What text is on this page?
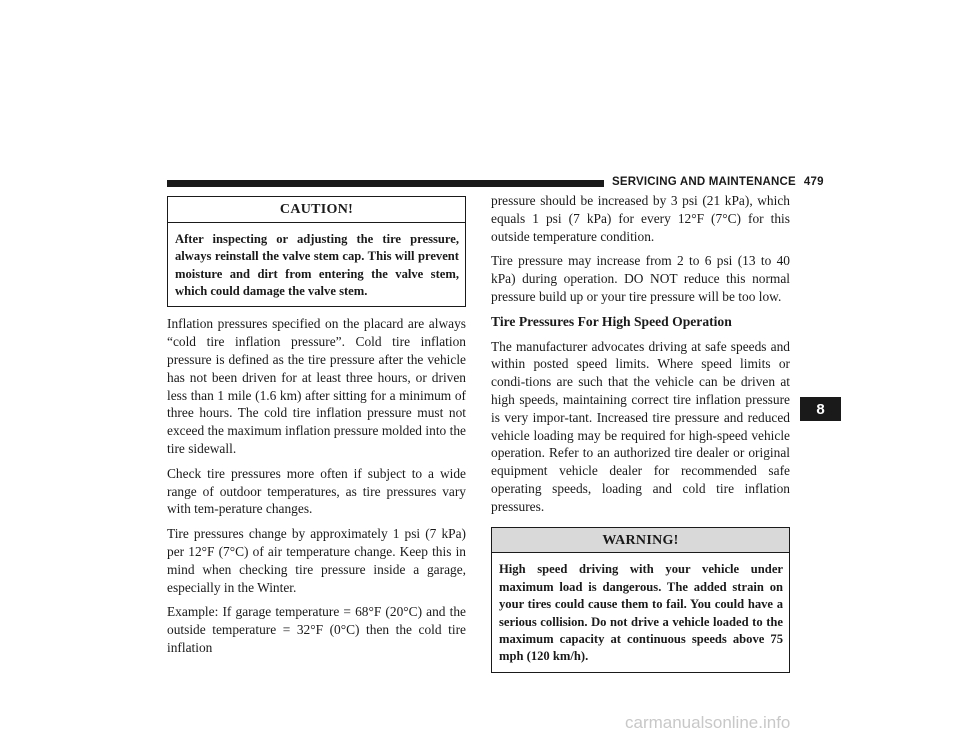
SERVICING AND MAINTENANCE 479
CAUTION!
After inspecting or adjusting the tire pressure, always reinstall the valve stem cap. This will prevent moisture and dirt from entering the valve stem, which could damage the valve stem.

Inflation pressures specified on the placard are always “cold tire inflation pressure”. Cold tire inflation pressure is defined as the tire pressure after the vehicle has not been driven for at least three hours, or driven less than 1 mile (1.6 km) after sitting for a minimum of three hours. The cold tire inflation pressure must not exceed the maximum inflation pressure molded into the tire sidewall.

Check tire pressures more often if subject to a wide range of outdoor temperatures, as tire pressures vary with tem-perature changes.

Tire pressures change by approximately 1 psi (7 kPa) per 12°F (7°C) of air temperature change. Keep this in mind when checking tire pressure inside a garage, especially in the Winter.

Example: If garage temperature = 68°F (20°C) and the outside temperature = 32°F (0°C) then the cold tire inflation

pressure should be increased by 3 psi (21 kPa), which equals 1 psi (7 kPa) for every 12°F (7°C) for this outside temperature condition.

Tire pressure may increase from 2 to 6 psi (13 to 40 kPa) during operation. DO NOT reduce this normal pressure build up or your tire pressure will be too low.

Tire Pressures For High Speed Operation

The manufacturer advocates driving at safe speeds and within posted speed limits. Where speed limits or condi-tions are such that the vehicle can be driven at high speeds, maintaining correct tire inflation pressure is very impor-tant. Increased tire pressure and reduced vehicle loading may be required for high-speed vehicle operation. Refer to an authorized tire dealer or original equipment vehicle dealer for recommended safe operating speeds, loading and cold tire inflation pressures.

WARNING!
High speed driving with your vehicle under maximum load is dangerous. The added strain on your tires could cause them to fail. You could have a serious collision. Do not drive a vehicle loaded to the maximum capacity at continuous speeds above 75 mph (120 km/h).
8
carmanualsonline.info
